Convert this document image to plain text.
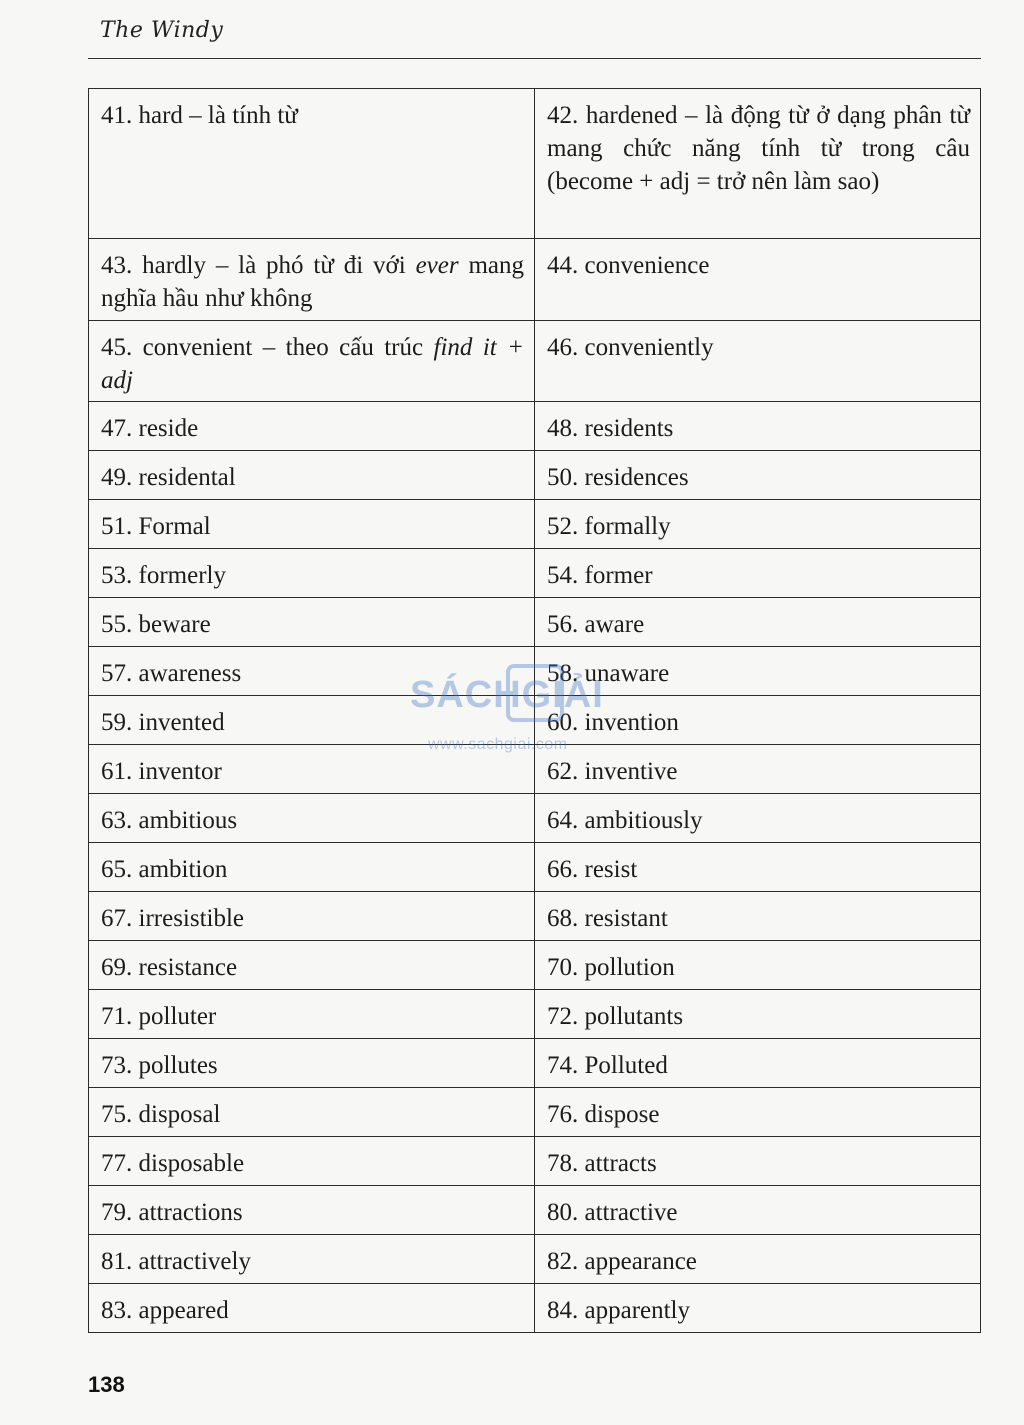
The Windy
41. hard – là tính từ	42. hardened – là động từ ở dạng phân từ mang chức năng tính từ trong câu (become + adj = trở nên làm sao)
43. hardly – là phó từ đi với ever mang nghĩa hầu như không	44. convenience
45. convenient – theo cấu trúc find it + adj	46. conveniently
47. reside	48. residents
49. residental	50. residences
51. Formal	52. formally
53. formerly	54. former
55. beware	56. aware
57. awareness	58. unaware
59. invented	60. invention
61. inventor	62. inventive
63. ambitious	64. ambitiously
65. ambition	66. resist
67. irresistible	68. resistant
69. resistance	70. pollution
71. polluter	72. pollutants
73. pollutes	74. Polluted
75. disposal	76. dispose
77. disposable	78. attracts
79. attractions	80. attractive
81. attractively	82. appearance
83. appeared	84. apparently
SÁCHGIẢI
www.sachgiai.com
138
